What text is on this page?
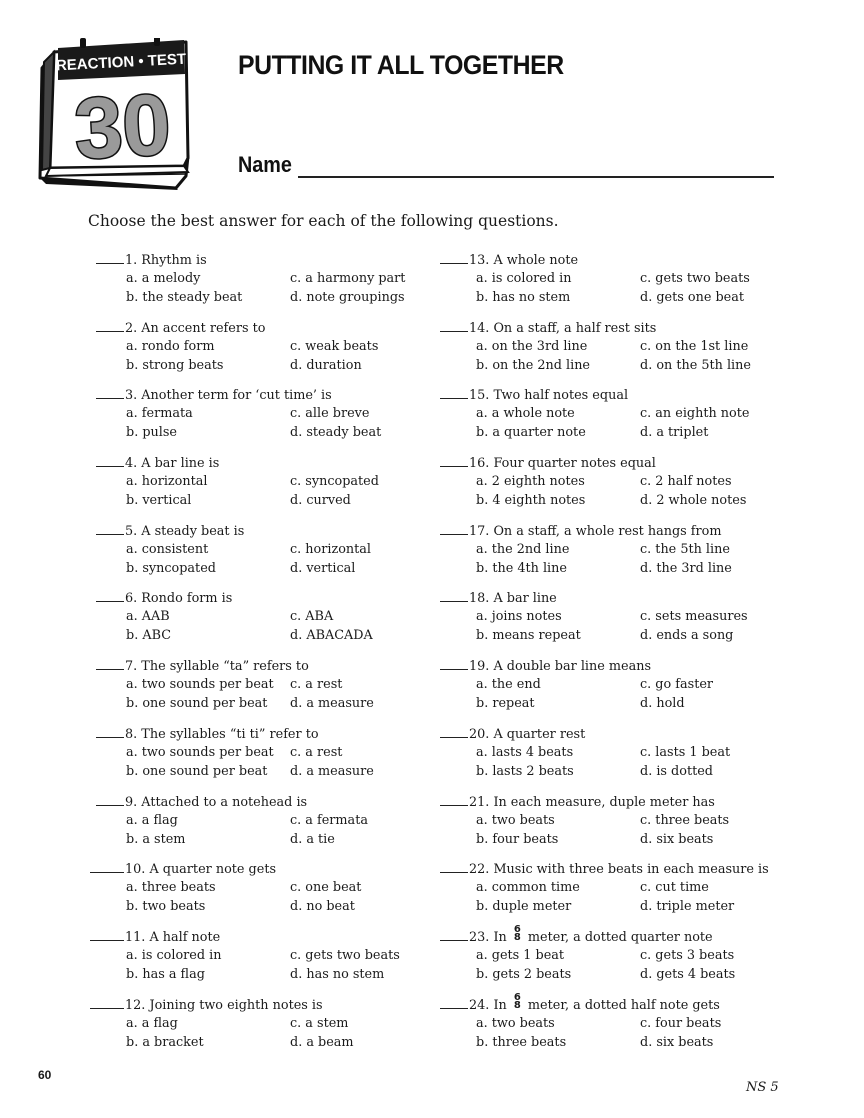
REACTION • TEST
30
PUTTING IT ALL TOGETHER
Name
Choose the best answer for each of the following questions.
1. Rhythm is
a. a melody
b. the steady beat
c. a harmony part
d. note groupings
2. An accent refers to
a. rondo form
b. strong beats
c. weak beats
d. duration
3. Another term for ‘cut time’ is
a. fermata
b. pulse
c. alle breve
d. steady beat
4. A bar line is
a. horizontal
b. vertical
c. syncopated
d. curved
5. A steady beat is
a. consistent
b. syncopated
c. horizontal
d. vertical
6. Rondo form is
a. AAB
b. ABC
c. ABA
d. ABACADA
7. The syllable “ta” refers to
a. two sounds per beat
b. one sound per beat
c. a rest
d. a measure
8. The syllables “ti ti” refer to
a. two sounds per beat
b. one sound per beat
c. a rest
d. a measure
9. Attached to a notehead is
a. a flag
b. a stem
c. a fermata
d. a tie
10. A quarter note gets
a. three beats
b. two beats
c. one beat
d. no beat
11. A half note
a. is colored in
b. has a flag
c. gets two beats
d. has no stem
12. Joining two eighth notes is
a. a flag
b. a bracket
c. a stem
d. a beam
13. A whole note
a. is colored in
b. has no stem
c. gets two beats
d. gets one beat
14. On a staff, a half rest sits
a. on the 3rd line
b. on the 2nd line
c. on the 1st line
d. on the 5th line
15. Two half notes equal
a. a whole note
b. a quarter note
c. an eighth note
d. a triplet
16. Four quarter notes equal
a. 2 eighth notes
b. 4 eighth notes
c. 2 half notes
d. 2 whole notes
17. On a staff, a whole rest hangs from
a. the 2nd line
b. the 4th line
c. the 5th line
d. the 3rd line
18. A bar line
a. joins notes
b. means repeat
c. sets measures
d. ends a song
19. A double bar line means
a. the end
b. repeat
c. go faster
d. hold
20. A quarter rest
a. lasts 4 beats
b. lasts 2 beats
c. lasts 1 beat
d. is dotted
21. In each measure, duple meter has
a. two beats
b. four beats
c. three beats
d. six beats
22. Music with three beats in each measure is
a. common time
b. duple meter
c. cut time
d. triple meter
23. In 6
8 meter, a dotted quarter note
a. gets 1 beat
b. gets 2 beats
c. gets 3 beats
d. gets 4 beats
24. In 6
8 meter, a dotted half note gets
a. two beats
b. three beats
c. four beats
d. six beats
60
NS 5
